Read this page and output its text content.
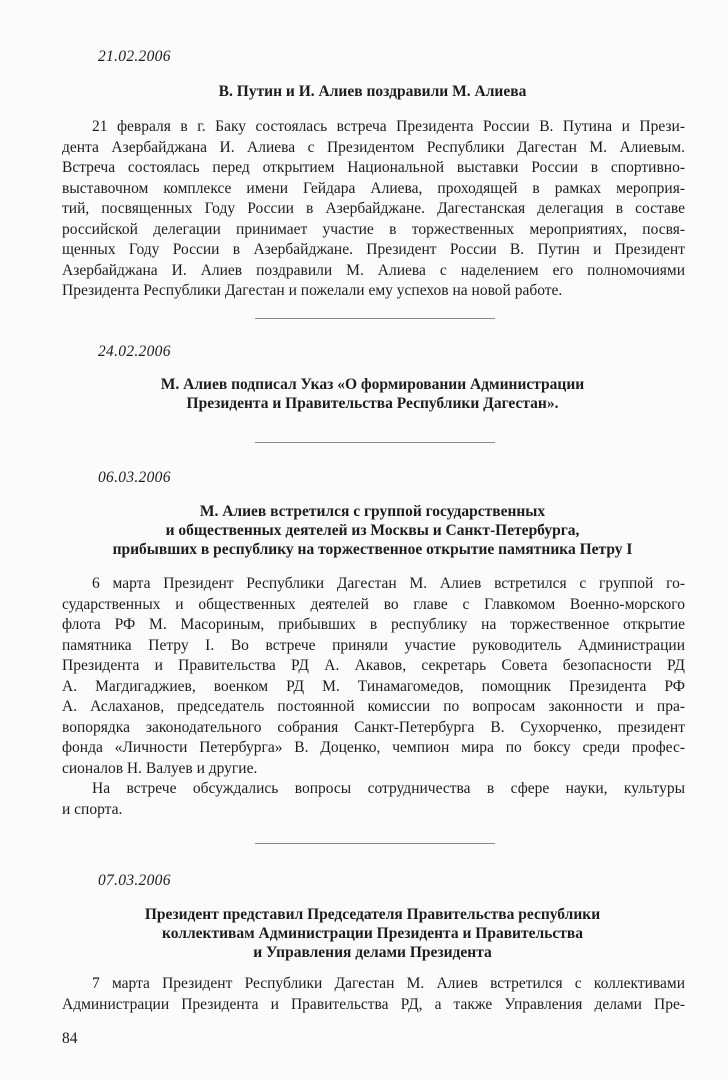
21.02.2006
В. Путин и И. Алиев поздравили М. Алиева
21 февраля в г. Баку состоялась встреча Президента России В. Путина и Прези-
дента Азербайджана И. Алиева с Президентом Республики Дагестан М. Алиевым.
Встреча состоялась перед открытием Национальной выставки России в спортивно-
выставочном комплексе имени Гейдара Алиева, проходящей в рамках мероприя-
тий, посвященных Году России в Азербайджане. Дагестанская делегация в составе
российской делегации принимает участие в торжественных мероприятиях, посвя-
щенных Году России в Азербайджане. Президент России В. Путин и Президент
Азербайджана И. Алиев поздравили М. Алиева с наделением его полномочиями
Президента Республики Дагестан и пожелали ему успехов на новой работе.
24.02.2006
М. Алиев подписал Указ «О формировании Администрации
Президента и Правительства Республики Дагестан».
06.03.2006
М. Алиев встретился с группой государственных
и общественных деятелей из Москвы и Санкт-Петербурга,
прибывших в республику на торжественное открытие памятника Петру I
6 марта Президент Республики Дагестан М. Алиев встретился с группой го-
сударственных и общественных деятелей во главе с Главкомом Военно-морского
флота РФ М. Масориным, прибывших в республику на торжественное открытие
памятника Петру I. Во встрече приняли участие руководитель Администрации
Президента и Правительства РД А. Акавов, секретарь Совета безопасности РД
А. Магдигаджиев, военком РД М. Тинамагомедов, помощник Президента РФ
А. Аслаханов, председатель постоянной комиссии по вопросам законности и пра-
вопорядка законодательного собрания Санкт-Петербурга В. Сухорченко, президент
фонда «Личности Петербурга» В. Доценко, чемпион мира по боксу среди профес-
сионалов Н. Валуев и другие.
На встрече обсуждались вопросы сотрудничества в сфере науки, культуры
и спорта.
07.03.2006
Президент представил Председателя Правительства республики
коллективам Администрации Президента и Правительства
и Управления делами Президента
7 марта Президент Республики Дагестан М. Алиев встретился с коллективами
Администрации Президента и Правительства РД, а также Управления делами Пре-
84
